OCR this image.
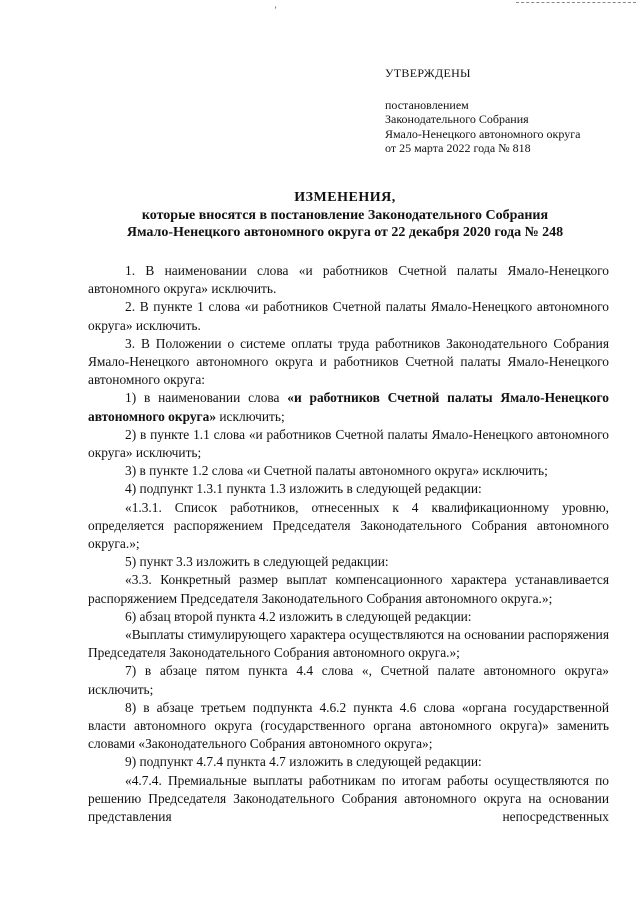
ʼ
УТВЕРЖДЕНЫ
постановлением
Законодательного Собрания
Ямало-Ненецкого автономного округа
от 25 марта 2022 года № 818
ИЗМЕНЕНИЯ,
которые вносятся в постановление Законодательного Собрания
Ямало-Ненецкого автономного округа от 22 декабря 2020 года № 248

1. В наименовании слова «и работников Счетной палаты Ямало-Ненецкого автономного округа» исключить.

2. В пункте 1 слова «и работников Счетной палаты Ямало-Ненецкого автономного округа» исключить.

3. В Положении о системе оплаты труда работников Законодательного Собрания Ямало-Ненецкого автономного округа и работников Счетной палаты Ямало-Ненецкого автономного округа:

1) в наименовании слова «и работников Счетной палаты Ямало-Ненецкого автономного округа» исключить;

2) в пункте 1.1 слова «и работников Счетной палаты Ямало-Ненецкого автономного округа» исключить;

3) в пункте 1.2 слова «и Счетной палаты автономного округа» исключить;

4) подпункт 1.3.1 пункта 1.3 изложить в следующей редакции:

«1.3.1. Список работников, отнесенных к 4 квалификационному уровню, определяется распоряжением Председателя Законодательного Собрания автономного округа.»;

5) пункт 3.3 изложить в следующей редакции:

«3.3. Конкретный размер выплат компенсационного характера устанавливается распоряжением Председателя Законодательного Собрания автономного округа.»;

6) абзац второй пункта 4.2 изложить в следующей редакции:

«Выплаты стимулирующего характера осуществляются на основании распоряжения Председателя Законодательного Собрания автономного округа.»;

7) в абзаце пятом пункта 4.4 слова «, Счетной палате автономного округа» исключить;

8) в абзаце третьем подпункта 4.6.2 пункта 4.6 слова «органа государственной власти автономного округа (государственного органа автономного округа)» заменить словами «Законодательного Собрания автономного округа»;

9) подпункт 4.7.4 пункта 4.7 изложить в следующей редакции:

«4.7.4. Премиальные выплаты работникам по итогам работы осуществляются по решению Председателя Законодательного Собрания автономного округа на основании представления непосредственных
